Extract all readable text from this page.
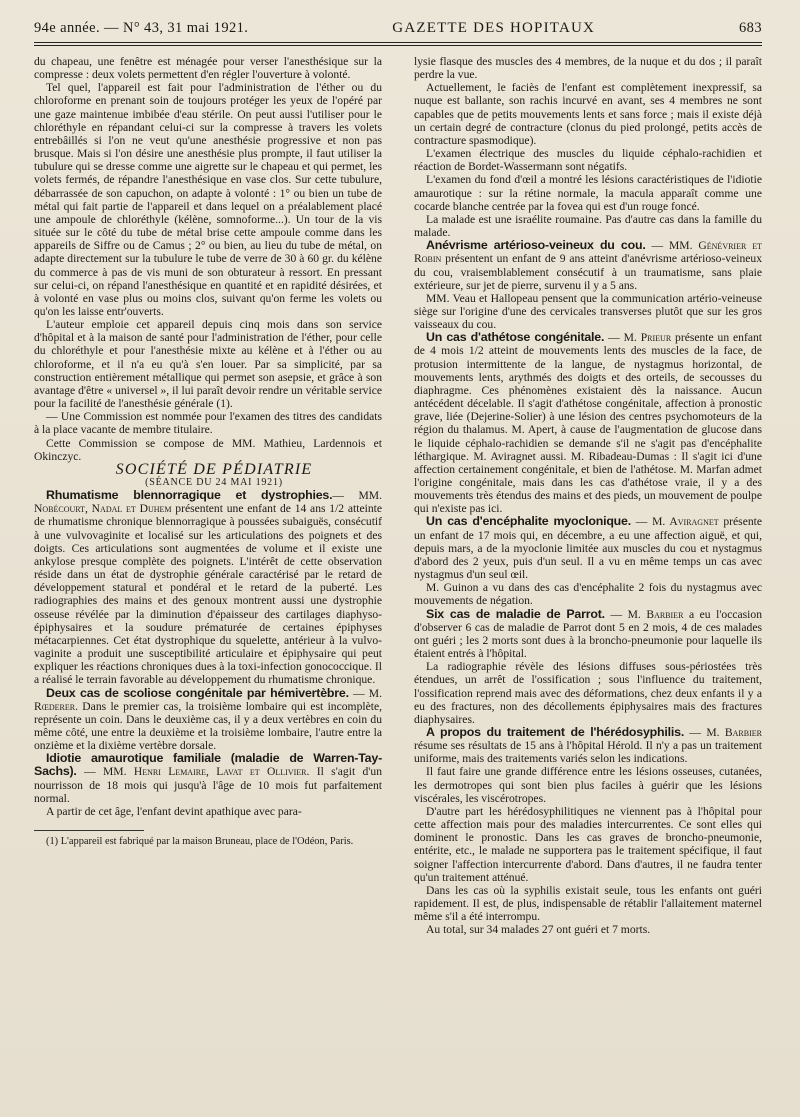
94e année. — N° 43, 31 mai 1921.	GAZETTE DES HOPITAUX	683

du chapeau, une fenêtre est ménagée pour verser l'anesthésique sur la compresse : deux volets permettent d'en régler l'ouverture à volonté.

Tel quel, l'appareil est fait pour l'administration de l'éther ou du chloroforme en prenant soin de toujours protéger les yeux de l'opéré par une gaze maintenue imbibée d'eau stérile. On peut aussi l'utiliser pour le chloréthyle en répandant celui-ci sur la compresse à travers les volets entrebâillés si l'on ne veut qu'une anesthésie progressive et non pas brusque. Mais si l'on désire une anesthésie plus prompte, il faut utiliser la tubulure qui se dresse comme une aigrette sur le chapeau et qui permet, les volets fermés, de répandre l'anesthésique en vase clos. Sur cette tubulure, débarrassée de son capuchon, on adapte à volonté : 1° ou bien un tube de métal qui fait partie de l'appareil et dans lequel on a préalablement placé une ampoule de chloréthyle (kélène, somnoforme...). Un tour de la vis située sur le côté du tube de métal brise cette ampoule comme dans les appareils de Siffre ou de Camus ; 2° ou bien, au lieu du tube de métal, on adapte directement sur la tubulure le tube de verre de 30 à 60 gr. du kélène du commerce à pas de vis muni de son obturateur à ressort. En pressant sur celui-ci, on répand l'anesthésique en quantité et en rapidité désirées, et à volonté en vase plus ou moins clos, suivant qu'on ferme les volets ou qu'on les laisse entr'ouverts.

L'auteur emploie cet appareil depuis cinq mois dans son service d'hôpital et à la maison de santé pour l'administration de l'éther, pour celle du chloréthyle et pour l'anesthésie mixte au kélène et à l'éther ou au chloroforme, et il n'a eu qu'à s'en louer. Par sa simplicité, par sa construction entièrement métallique qui permet son asepsie, et grâce à son avantage d'être « universel », il lui paraît devoir rendre un véritable service pour la facilité de l'anesthésie générale (1).

— Une Commission est nommée pour l'examen des titres des candidats à la place vacante de membre titulaire.

Cette Commission se compose de MM. Mathieu, Lardennois et Okinczyc.

SOCIÉTÉ DE PÉDIATRIE

(SÉANCE DU 24 MAI 1921)

Rhumatisme blennorragique et dystrophies.— MM. Nobécourt, Nadal et Duhem présentent une enfant de 14 ans 1/2 atteinte de rhumatisme chronique blennorragique à poussées subaiguës, consécutif à une vulvovaginite et localisé sur les articulations des poignets et des doigts. Ces articulations sont augmentées de volume et il existe une ankylose presque complète des poignets. L'intérêt de cette observation réside dans un état de dystrophie générale caractérisé par le retard de développement statural et pondéral et le retard de la puberté. Les radiographies des mains et des genoux montrent aussi une dystrophie osseuse révélée par la diminution d'épaisseur des cartilages diaphyso-épiphysaires et la soudure prématurée de certaines épiphyses métacarpiennes. Cet état dystrophique du squelette, antérieur à la vulvo-vaginite a produit une susceptibilité articulaire et épiphysaire qui peut expliquer les réactions chroniques dues à la toxi-infection gonococcique. Il a réalisé le terrain favorable au développement du rhumatisme chronique.

Deux cas de scoliose congénitale par hémivertèbre. — M. Rœderer. Dans le premier cas, la troisième lombaire qui est incomplète, représente un coin. Dans le deuxième cas, il y a deux vertèbres en coin du même côté, une entre la deuxième et la troisième lombaire, l'autre entre la onzième et la dixième vertèbre dorsale.

Idiotie amaurotique familiale (maladie de Warren-Tay-Sachs). — MM. Henri Lemaire, Lavat et Ollivier. Il s'agit d'un nourrisson de 18 mois qui jusqu'à l'âge de 10 mois fut parfaitement normal.

A partir de cet âge, l'enfant devint apathique avec para-

(1) L'appareil est fabriqué par la maison Bruneau, place de l'Odéon, Paris.

lysie flasque des muscles des 4 membres, de la nuque et du dos ; il paraît perdre la vue.

Actuellement, le faciès de l'enfant est complètement inexpressif, sa nuque est ballante, son rachis incurvé en avant, ses 4 membres ne sont capables que de petits mouvements lents et sans force ; mais il existe déjà un certain degré de contracture (clonus du pied prolongé, petits accès de contracture spasmodique).

L'examen électrique des muscles du liquide céphalo-rachidien et réaction de Bordet-Wassermann sont négatifs.

L'examen du fond d'œil a montré les lésions caractéristiques de l'idiotie amaurotique : sur la rétine normale, la macula apparaît comme une cocarde blanche centrée par la fovea qui est d'un rouge foncé.

La malade est une israélite roumaine. Pas d'autre cas dans la famille du malade.

Anévrisme artérioso-veineux du cou. — MM. Génévrier et Robin présentent un enfant de 9 ans atteint d'anévrisme artérioso-veineux du cou, vraisemblablement consécutif à un traumatisme, sans plaie extérieure, sur jet de pierre, survenu il y a 5 ans.

MM. Veau et Hallopeau pensent que la communication artério-veineuse siège sur l'origine d'une des cervicales transverses plutôt que sur les gros vaisseaux du cou.

Un cas d'athétose congénitale. — M. Prieur présente un enfant de 4 mois 1/2 atteint de mouvements lents des muscles de la face, de protusion intermittente de la langue, de nystagmus horizontal, de mouvements lents, arythmés des doigts et des orteils, de secousses du diaphragme. Ces phénomènes existaient dès la naissance. Aucun antécédent décelable. Il s'agit d'athétose congénitale, affection à pronostic grave, liée (Dejerine-Solier) à une lésion des centres psychomoteurs de la région du thalamus. M. Apert, à cause de l'augmentation de glucose dans le liquide céphalo-rachidien se demande s'il ne s'agit pas d'encéphalite léthargique. M. Aviragnet aussi. M. Ribadeau-Dumas : Il s'agit ici d'une affection certainement congénitale, et bien de l'athétose. M. Marfan admet l'origine congénitale, mais dans les cas d'athétose vraie, il y a des mouvements très étendus des mains et des pieds, un mouvement de poulpe qui n'existe pas ici.

Un cas d'encéphalite myoclonique. — M. Aviragnet présente un enfant de 17 mois qui, en décembre, a eu une affection aiguë, et qui, depuis mars, a de la myoclonie limitée aux muscles du cou et nystagmus d'abord des 2 yeux, puis d'un seul. Il a vu en même temps un cas avec nystagmus d'un seul œil.

M. Guinon a vu dans des cas d'encéphalite 2 fois du nystagmus avec mouvements de négation.

Six cas de maladie de Parrot. — M. Barbier a eu l'occasion d'observer 6 cas de maladie de Parrot dont 5 en 2 mois, 4 de ces malades ont guéri ; les 2 morts sont dues à la broncho-pneumonie pour laquelle ils étaient entrés à l'hôpital.

La radiographie révèle des lésions diffuses sous-périostées très étendues, un arrêt de l'ossification ; sous l'influence du traitement, l'ossification reprend mais avec des déformations, chez deux enfants il y a eu des fractures, non des décollements épiphysaires mais des fractures diaphysaires.

A propos du traitement de l'hérédosyphilis. — M. Barbier résume ses résultats de 15 ans à l'hôpital Hérold. Il n'y a pas un traitement uniforme, mais des traitements variés selon les indications.

Il faut faire une grande différence entre les lésions osseuses, cutanées, les dermotropes qui sont bien plus faciles à guérir que les lésions viscérales, les viscérotropes.

D'autre part les hérédosyphilitiques ne viennent pas à l'hôpital pour cette affection mais pour des maladies intercurrentes. Ce sont elles qui dominent le pronostic. Dans les cas graves de broncho-pneumonie, entérite, etc., le malade ne supportera pas le traitement spécifique, il faut soigner l'affection intercurrente d'abord. Dans d'autres, il ne faudra tenter qu'un traitement atténué.

Dans les cas où la syphilis existait seule, tous les enfants ont guéri rapidement. Il est, de plus, indispensable de rétablir l'allaitement maternel même s'il a été interrompu.

Au total, sur 34 malades 27 ont guéri et 7 morts.
